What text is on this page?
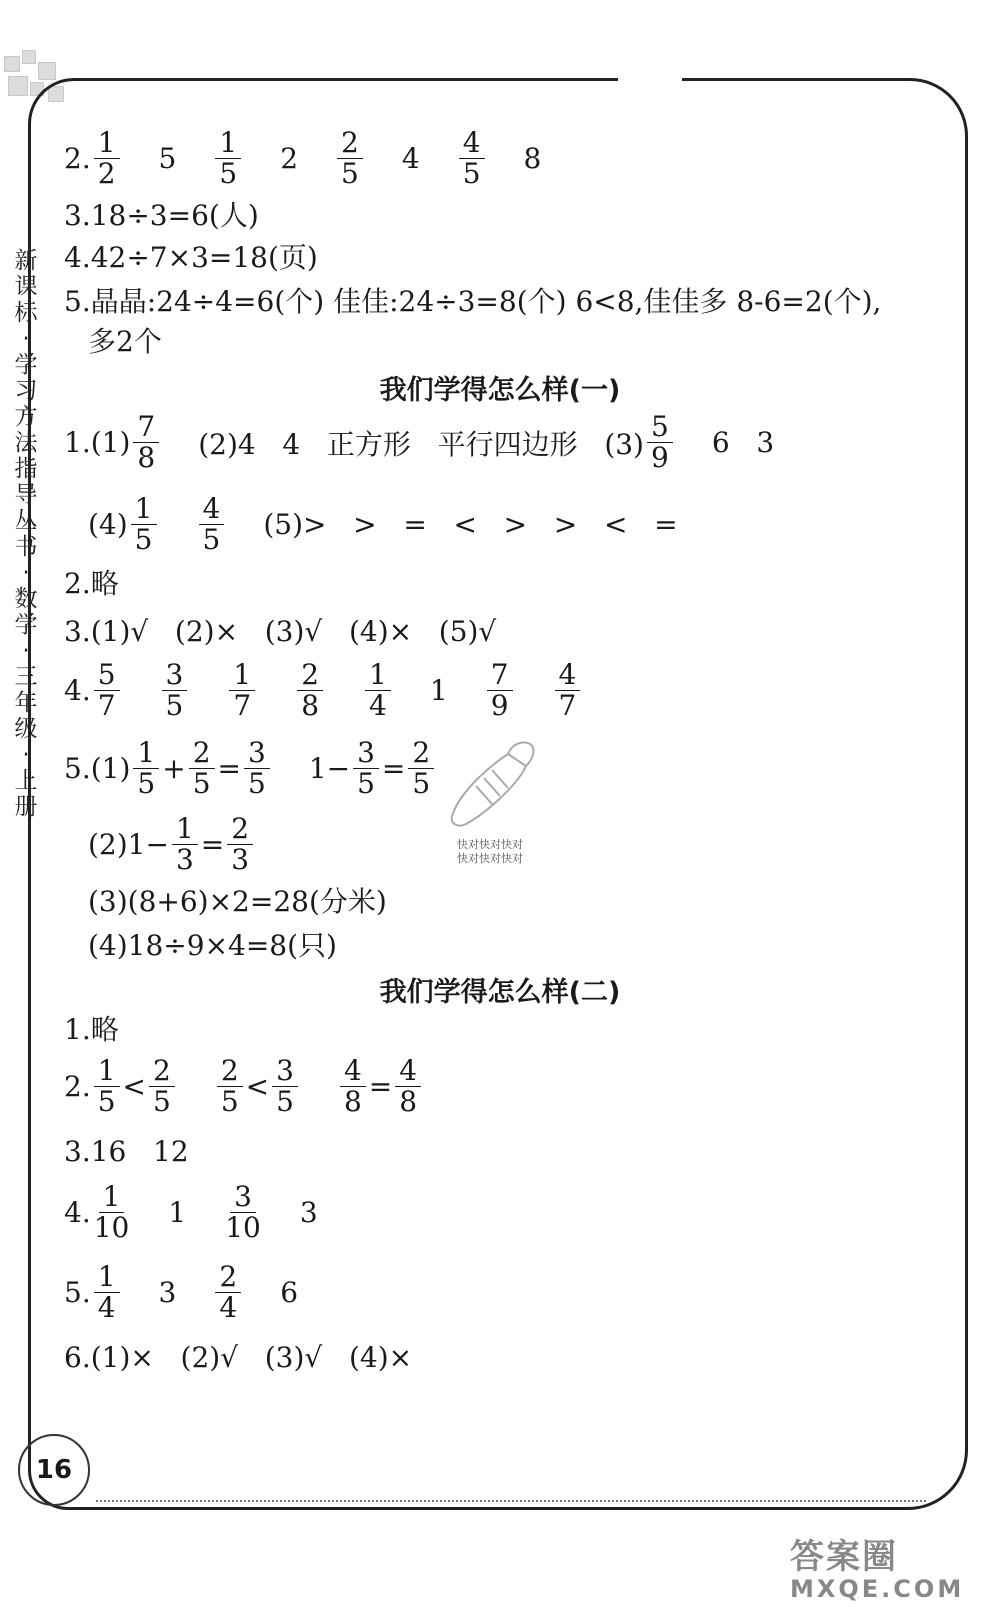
新
课
标
·
学
习
方
法
指
导
丛
书
·
数
学
·
三
年
级
·
上
册
2. $\frac{1}{2} 5 \frac{1}{5} 2 \frac{2}{5} 4 \frac{4}{5} 8$
3.18÷3=6(人)
4.42÷7×3=18(页)
5.晶晶:24÷4=6(个) 佳佳:24÷3=8(个) 6<8,佳佳多 8-6=2(个),
多2个
我们学得怎么样(一)
$1.(1) \frac{7}{8} (2)4$   4   正方形   平行四边形   $(3) \frac{5}{9} 6$   3
$(4) \frac{1}{5} \frac{4}{5} (5)>$   >   =   <   >   >   <   =
2.略
3.(1)√   (2)×   (3)√   (4)×   (5)√
4. $\frac{5}{7} \frac{3}{5} \frac{1}{7} \frac{2}{8} \frac{1}{4} 1 \frac{7}{9} \frac{4}{7}$
$5.(1) \frac{1}{5} + \frac{2}{5} = \frac{3}{5} 1- \frac{3}{5} = \frac{2}{5}$
$(2)1- \frac{1}{3} = \frac{2}{3}$
(3)(8+6)×2=28(分米)
(4)18÷9×4=8(只)
快对快对快对
快对快对快对
我们学得怎么样(二)
1.略
2. $\frac{1}{5} < \frac{2}{5} \frac{2}{5} < \frac{3}{5} \frac{4}{8} = \frac{4}{8}$
3.16   12
4. $\frac{1}{10} 1 \frac{3}{10} 3$
5. $\frac{1}{4} 3 \frac{2}{4} 6$
6.(1)×   (2)√   (3)√   (4)×
16
答案圈
MXQE.COM
